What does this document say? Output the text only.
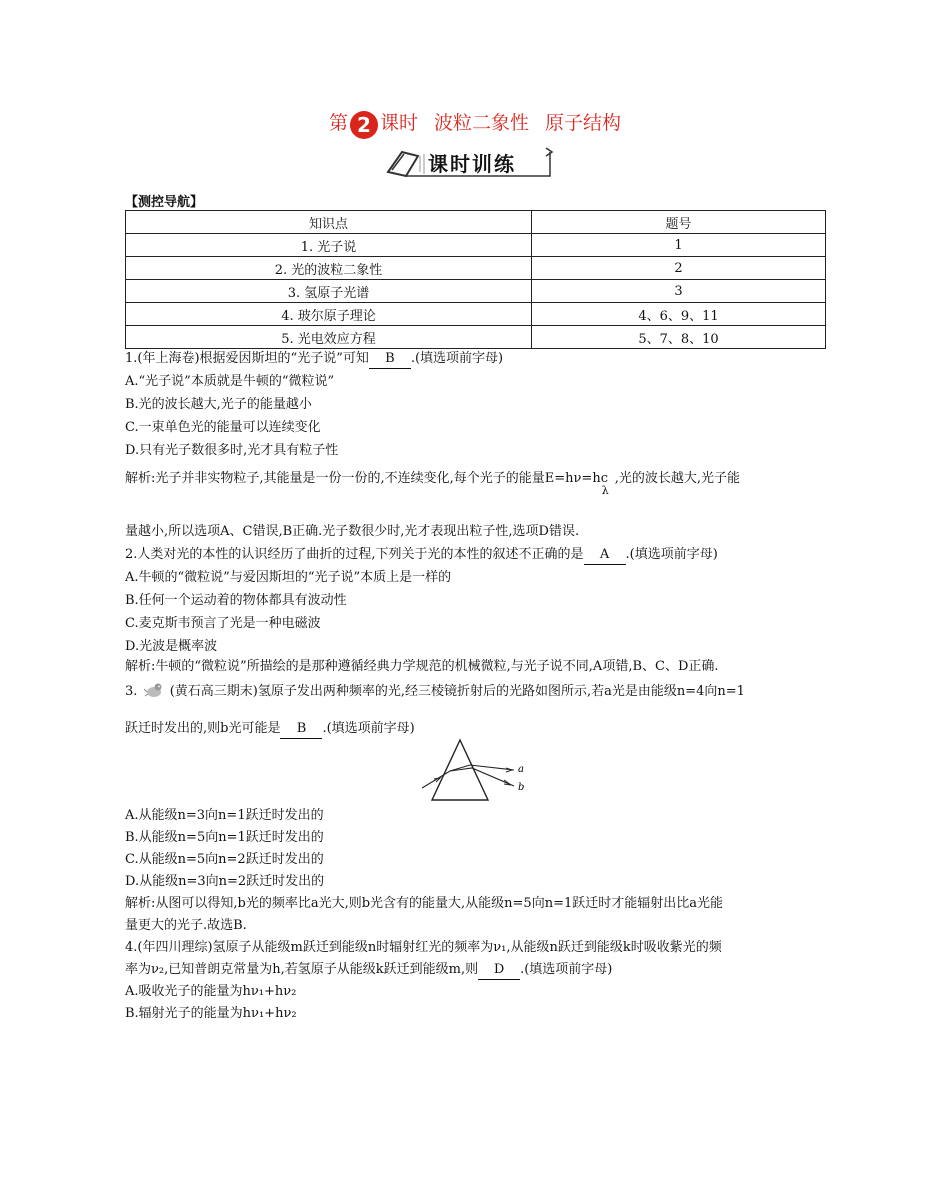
第 2 课时 波粒二象性 原子结构
课时训练
【测控导航】
知识点	题号
1. 光子说	1
2. 光的波粒二象性	2
3. 氢原子光谱	3
4. 玻尔原子理论	4、6、9、11
5. 光电效应方程	5、7、8、10
1.(年上海卷)根据爱因斯坦的“光子说”可知 B .(填选项前字母)
A.“光子说”本质就是牛顿的“微粒说”
B.光的波长越大,光子的能量越小
C.一束单色光的能量可以连续变化
D.只有光子数很多时,光才具有粒子性
解析:光子并非实物粒子,其能量是一份一份的,不连续变化,每个光子的能量E=hν=hc
λ
,光的波长越大,光子能
量越小,所以选项A、C错误,B正确.光子数很少时,光才表现出粒子性,选项D错误.
2.人类对光的本性的认识经历了曲折的过程,下列关于光的本性的叙述不正确的是 A .(填选项前字母)
A.牛顿的“微粒说”与爱因斯坦的“光子说”本质上是一样的
B.任何一个运动着的物体都具有波动性
C.麦克斯韦预言了光是一种电磁波
D.光波是概率波
解析:牛顿的“微粒说”所描绘的是那种遵循经典力学规范的机械微粒,与光子说不同,A项错,B、C、D正确.
3. (黄石高三期末)氢原子发出两种频率的光,经三棱镜折射后的光路如图所示,若a光是由能级n=4向n=1
跃迁时发出的,则b光可能是 B .(填选项前字母)
a
b
A.从能级n=3向n=1跃迁时发出的
B.从能级n=5向n=1跃迁时发出的
C.从能级n=5向n=2跃迁时发出的
D.从能级n=3向n=2跃迁时发出的
解析:从图可以得知,b光的频率比a光大,则b光含有的能量大,从能级n=5向n=1跃迁时才能辐射出比a光能
量更大的光子.故选B.
4.(年四川理综)氢原子从能级m跃迁到能级n时辐射红光的频率为ν₁,从能级n跃迁到能级k时吸收紫光的频
率为ν₂,已知普朗克常量为h,若氢原子从能级k跃迁到能级m,则 D .(填选项前字母)
A.吸收光子的能量为hν₁+hν₂
B.辐射光子的能量为hν₁+hν₂
